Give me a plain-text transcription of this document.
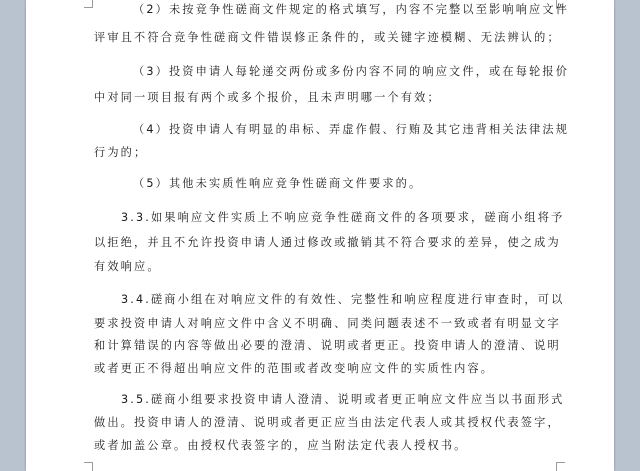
（2）未按竞争性磋商文件规定的格式填写，内容不完整以至影响响应文件
评审且不符合竞争性磋商文件错误修正条件的，或关键字迹模糊、无法辨认的；
（3）投资申请人每轮递交两份或多份内容不同的响应文件，或在每轮报价
中对同一项目报有两个或多个报价，且未声明哪一个有效；
（4）投资申请人有明显的串标、弄虚作假、行贿及其它违背相关法律法规
行为的；
（5）其他未实质性响应竞争性磋商文件要求的。
3.3.如果响应文件实质上不响应竞争性磋商文件的各项要求，磋商小组将予
以拒绝，并且不允许投资申请人通过修改或撤销其不符合要求的差异，使之成为
有效响应。
3.4.磋商小组在对响应文件的有效性、完整性和响应程度进行审查时，可以
要求投资申请人对响应文件中含义不明确、同类问题表述不一致或者有明显文字
和计算错误的内容等做出必要的澄清、说明或者更正。投资申请人的澄清、说明
或者更正不得超出响应文件的范围或者改变响应文件的实质性内容。
3.5.磋商小组要求投资申请人澄清、说明或者更正响应文件应当以书面形式
做出。投资申请人的澄清、说明或者更正应当由法定代表人或其授权代表签字，
或者加盖公章。由授权代表签字的，应当附法定代表人授权书。
